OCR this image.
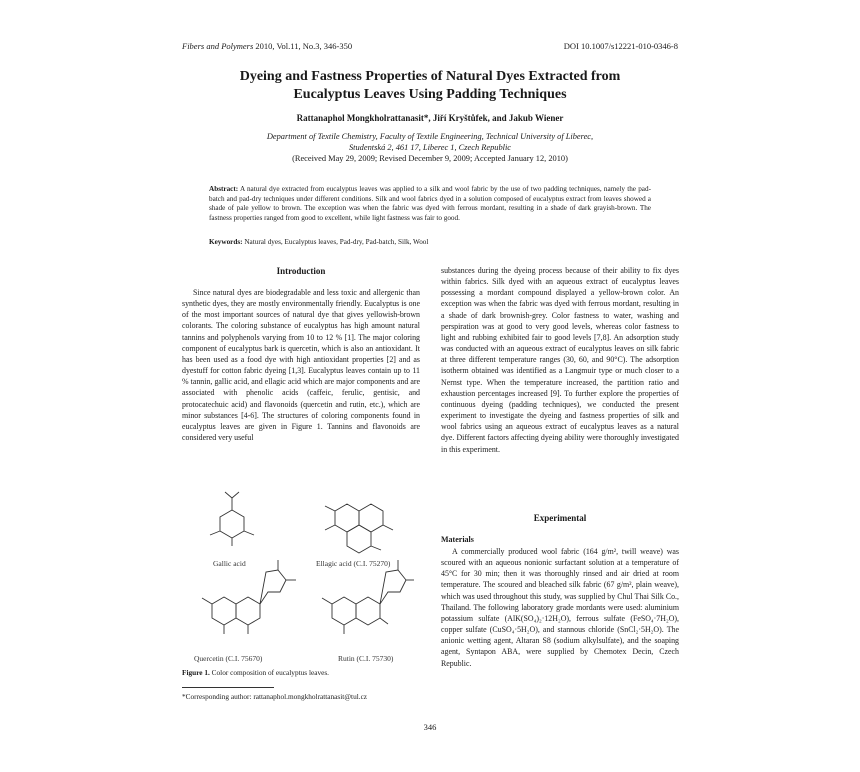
Fibers and Polymers 2010, Vol.11, No.3, 346-350	DOI 10.1007/s12221-010-0346-8
Dyeing and Fastness Properties of Natural Dyes Extracted from
Eucalyptus Leaves Using Padding Techniques
Rattanaphol Mongkholrattanasit*, Jiří Kryštůfek, and Jakub Wiener
Department of Textile Chemistry, Faculty of Textile Engineering, Technical University of Liberec,
Studentská 2, 461 17, Liberec 1, Czech Republic
(Received May 29, 2009; Revised December 9, 2009; Accepted January 12, 2010)
Abstract: A natural dye extracted from eucalyptus leaves was applied to a silk and wool fabric by the use of two padding techniques, namely the pad-batch and pad-dry techniques under different conditions. Silk and wool fabrics dyed in a solution composed of eucalyptus extract from leaves showed a shade of pale yellow to brown. The exception was when the fabric was dyed with ferrous mordant, resulting in a shade of dark grayish-brown. The fastness properties ranged from good to excellent, while light fastness was fair to good.
Keywords: Natural dyes, Eucalyptus leaves, Pad-dry, Pad-batch, Silk, Wool
Introduction

Since natural dyes are biodegradable and less toxic and allergenic than synthetic dyes, they are mostly environmentally friendly. Eucalyptus is one of the most important sources of natural dye that gives yellowish-brown colorants. The coloring substance of eucalyptus has high amount natural tannins and polyphenols varying from 10 to 12 % [1]. The major coloring component of eucalyptus bark is quercetin, which is also an antioxidant. It has been used as a food dye with high antioxidant properties [2] and as dyestuff for cotton fabric dyeing [1,3]. Eucalyptus leaves contain up to 11 % tannin, gallic acid, and ellagic acid which are major components and are associated with phenolic acids (caffeic, ferulic, gentisic, and protocatechuic acid) and flavonoids (quercetin and rutin, etc.), which are minor substances [4-6]. The structures of coloring components found in eucalyptus leaves are given in Figure 1. Tannins and flavonoids are considered very useful

substances during the dyeing process because of their ability to fix dyes within fabrics. Silk dyed with an aqueous extract of eucalyptus leaves possessing a mordant compound displayed a yellow-brown color. An exception was when the fabric was dyed with ferrous mordant, resulting in a shade of dark brownish-grey. Color fastness to water, washing and perspiration was at good to very good levels, whereas color fastness to light and rubbing exhibited fair to good levels [7,8]. An adsorption study was conducted with an aqueous extract of eucalyptus leaves on silk fabric at three different temperature ranges (30, 60, and 90°C). The adsorption isotherm obtained was identified as a Langmuir type or much closer to a Nernst type. When the temperature increased, the partition ratio and exhaustion percentages increased [9]. To further explore the properties of continuous dyeing (padding techniques), we conducted the present experiment to investigate the dyeing and fastness properties of silk and wool fabrics using an aqueous extract of eucalyptus leaves as a natural dye. Different factors affecting dyeing ability were thoroughly investigated in this experiment.

Experimental
Materials

A commercially produced wool fabric (164 g/m², twill weave) was scoured with an aqueous nonionic surfactant solution at a temperature of 45°C for 30 min; then it was thoroughly rinsed and air dried at room temperature. The scoured and bleached silk fabric (67 g/m², plain weave), which was used throughout this study, was supplied by Chul Thai Silk Co., Thailand. The following laboratory grade mordants were used: aluminium potassium sulfate (AlK(SO₄)₂·12H₂O), ferrous sulfate (FeSO₄·7H₂O), copper sulfate (CuSO₄·5H₂O), and stannous chloride (SnCl₂·5H₂O). The anionic wetting agent, Altaran S8 (sodium alkylsulfate), and the soaping agent, Syntapon ABA, were supplied by Chemotex Decin, Czech Republic.

Gallic acid	Ellagic acid (C.I. 75270)
Quercetin (C.I. 75670)	Rutin (C.I. 75730)
Figure 1. Color composition of eucalyptus leaves.
*Corresponding author: rattanaphol.mongkholrattanasit@tul.cz
346
